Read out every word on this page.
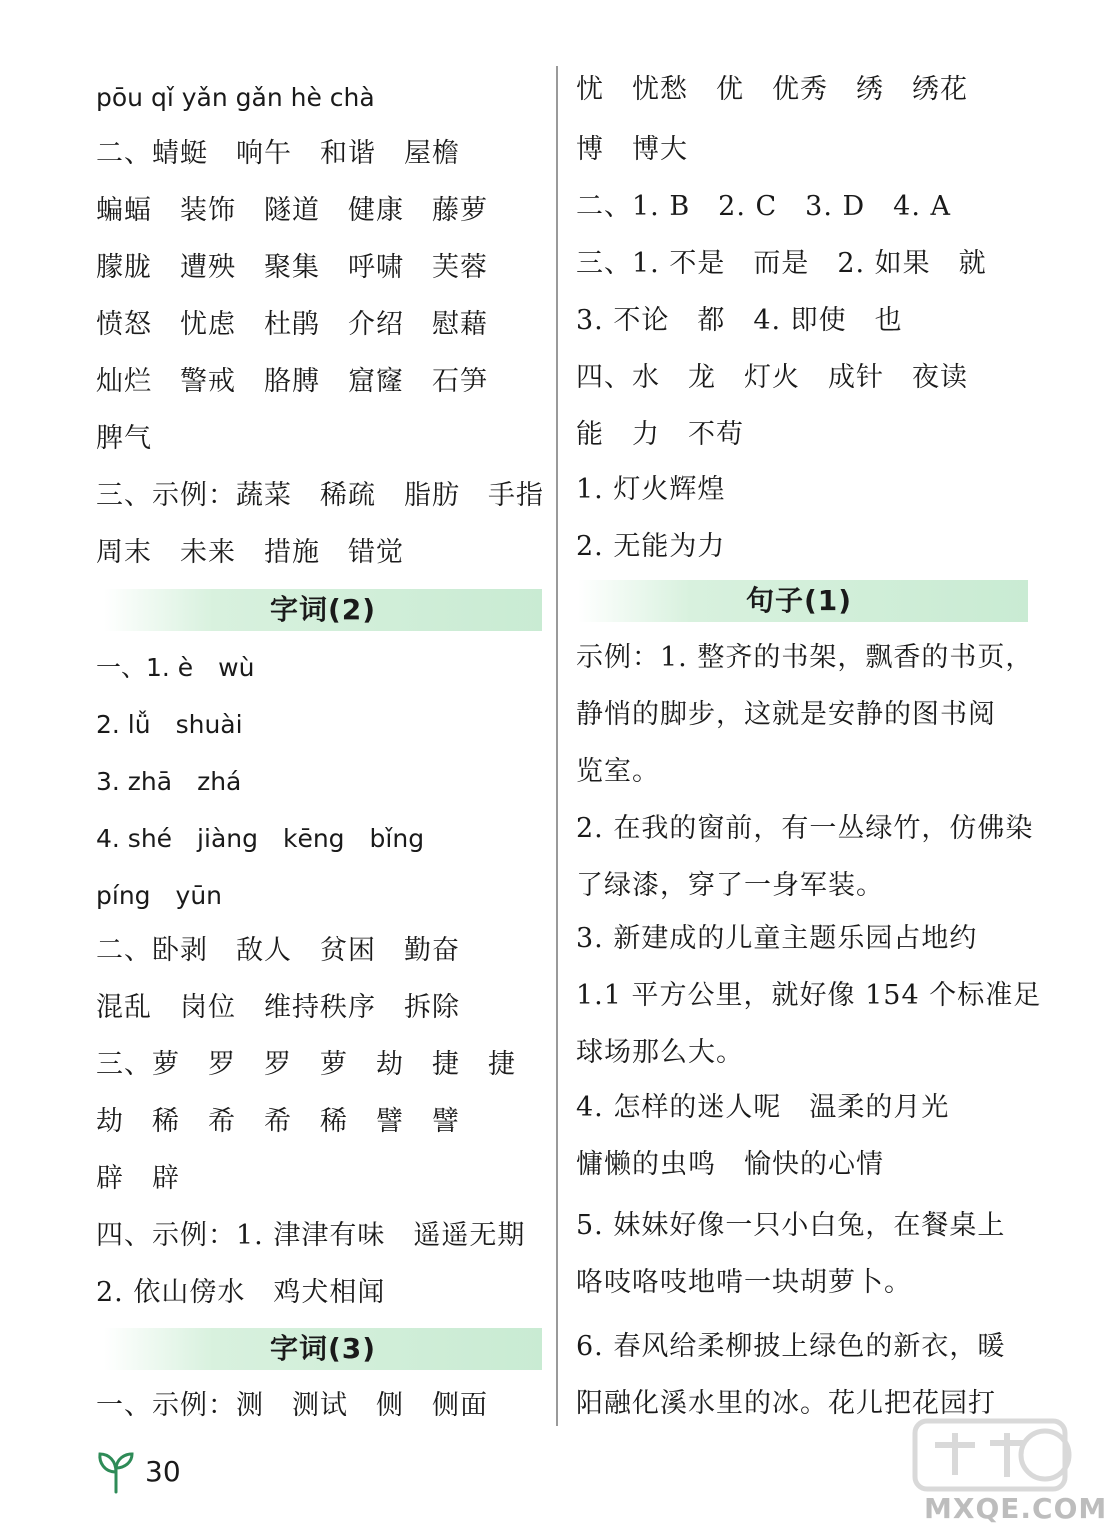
pōu qǐ yǎn gǎn hè chà
二、蜻蜓　响午　和谐　屋檐
蝙蝠　装饰　隧道　健康　藤萝
朦胧　遭殃　聚集　呼啸　芙蓉
愤怒　忧虑　杜鹃　介绍　慰藉
灿烂　警戒　胳膊　窟窿　石笋
脾气
三、示例：蔬菜　稀疏　脂肪　手指
周末　未来　措施　错觉
字词(2)
一、1. è　wù
2. lǚ　shuài
3. zhā　zhá
4. shé　jiàng　kēng　bǐng
píng　yūn
二、卧剥　敌人　贫困　勤奋
混乱　岗位　维持秩序　拆除
三、萝　罗　罗　萝　劫　捷　捷
劫　稀　希　希　稀　譬　譬
辟　辟
四、示例：1. 津津有味　遥遥无期
2. 依山傍水　鸡犬相闻
字词(3)
一、示例：测　测试　侧　侧面
忧　忧愁　优　优秀　绣　绣花
博　博大
二、1. B　2. C　3. D　4. A
三、1. 不是　而是　2. 如果　就
3. 不论　都　4. 即使　也
四、水　龙　灯火　成针　夜读
能　力　不苟
1. 灯火辉煌
2. 无能为力
句子(1)
示例：1. 整齐的书架，飘香的书页，
静悄的脚步，这就是安静的图书阅
览室。
2. 在我的窗前，有一丛绿竹，仿佛染
了绿漆，穿了一身军装。
3. 新建成的儿童主题乐园占地约
1.1 平方公里，就好像 154 个标准足
球场那么大。
4. 怎样的迷人呢　温柔的月光
慵懒的虫鸣　愉快的心情
5. 妹妹好像一只小白兔，在餐桌上
咯吱咯吱地啃一块胡萝卜。
6. 春风给柔柳披上绿色的新衣，暖
阳融化溪水里的冰。花儿把花园打
30
MXQE.COM
